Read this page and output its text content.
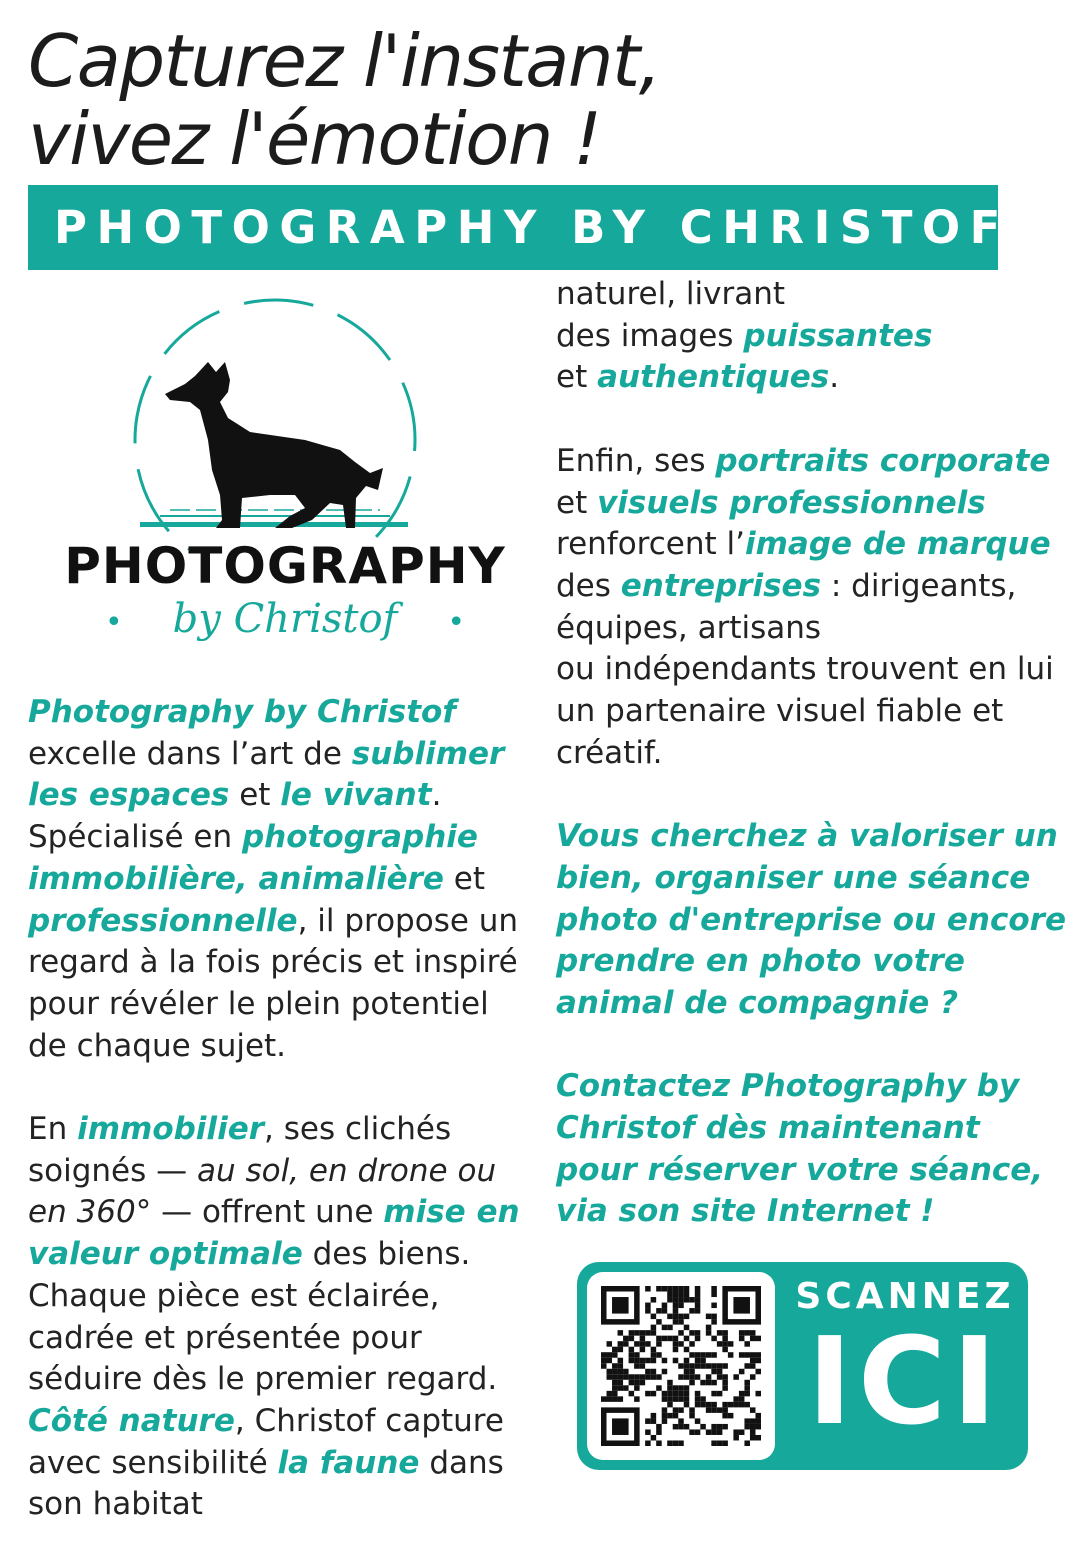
Capturez l'instant,
vivez l'émotion !
PHOTOGRAPHY BY CHRISTOF
PHOTOGRAPHY
• by Christof •

Photography by Christof excelle dans l’art de sublimer les espaces et le vivant. Spécialisé en photographie immobilière, animalière et professionnelle, il propose un regard à la fois précis et inspiré pour révéler le plein potentiel de chaque sujet.

En immobilier, ses clichés soignés — au sol, en drone ou en 360° — offrent une mise en valeur optimale des biens. Chaque pièce est éclairée, cadrée et présentée pour séduire dès le premier regard. Côté nature, Christof capture avec sensibilité la faune dans son habitat

naturel, livrant
des images puissantes
et authentiques.

Enfin, ses portraits corporate
et visuels professionnels
renforcent l’image de marque
des entreprises : dirigeants,
équipes, artisans
ou indépendants trouvent en lui un partenaire visuel fiable et créatif.

Vous cherchez à valoriser un bien, organiser une séance photo d'entreprise ou encore prendre en photo votre animal de compagnie ?

Contactez Photography by Christof dès maintenant pour réserver votre séance, via son site Internet !

SCANNEZ
ICI
